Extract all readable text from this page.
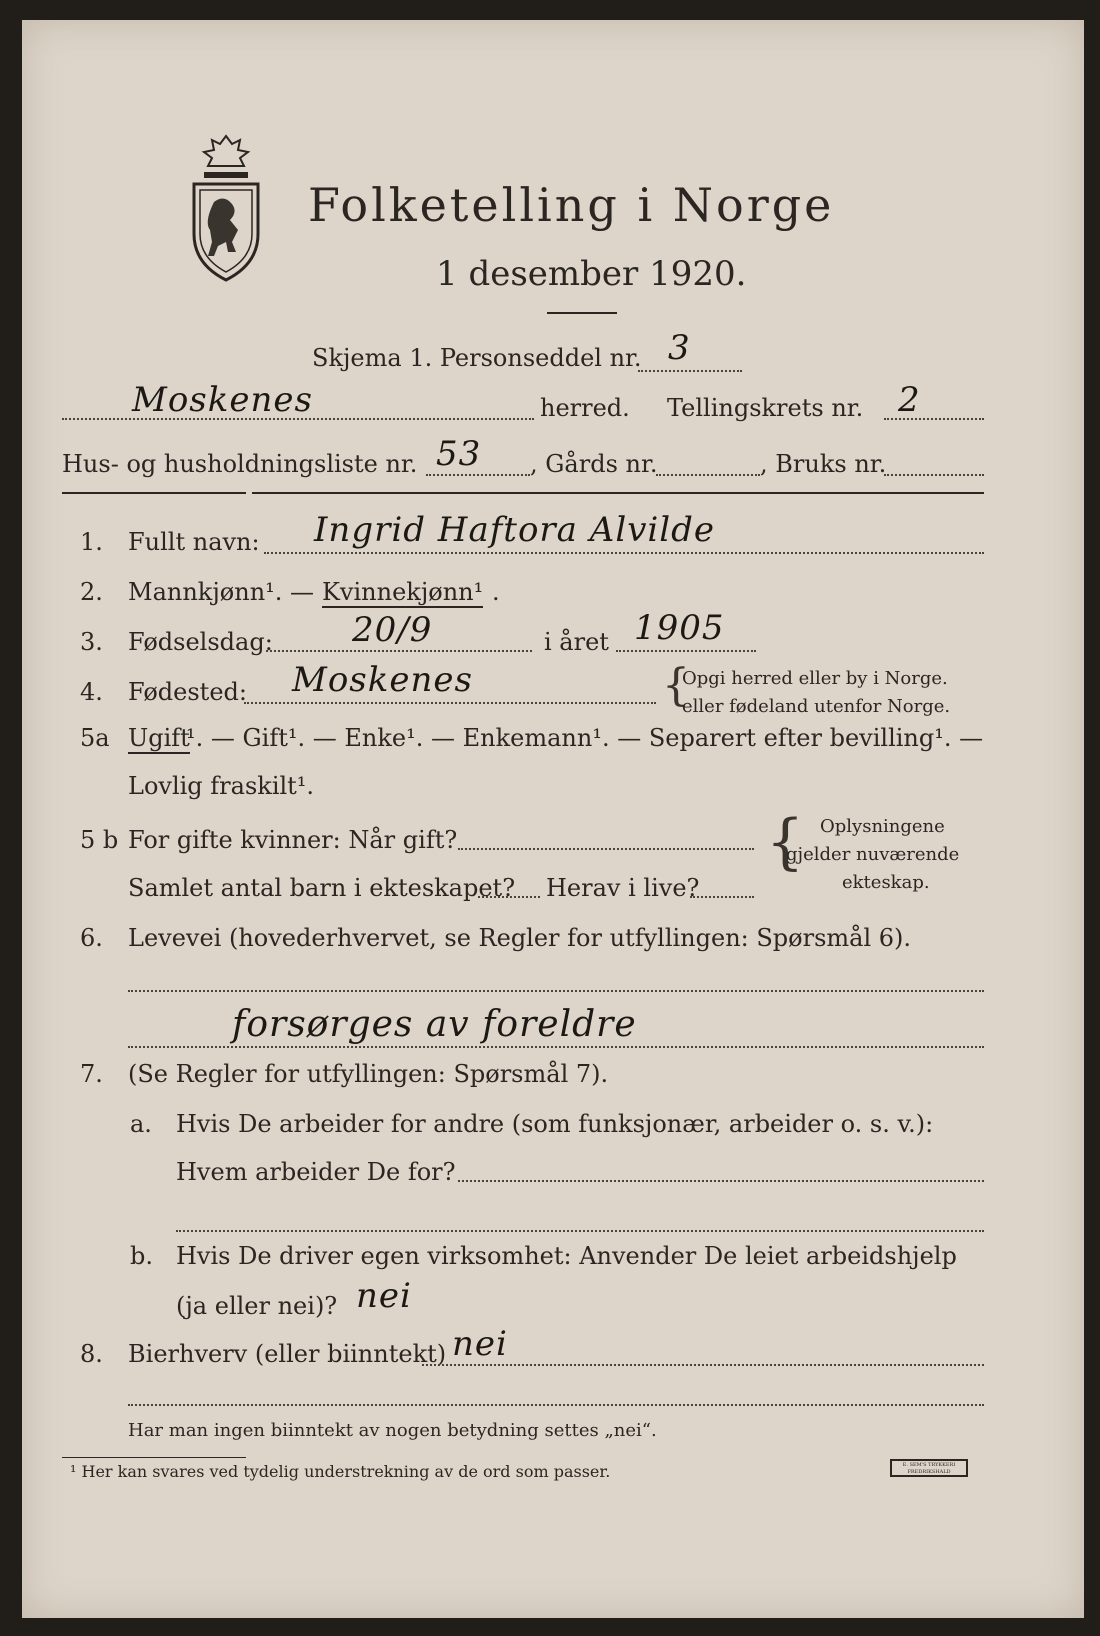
Folketelling i Norge
1 desember 1920.
Skjema 1. Personseddel nr. 3
Moskenes	herred. Tellingskrets nr. 2
Hus- og husholdningsliste nr. 53 , Gårds nr.	, Bruks nr.
1. Fullt navn: Ingrid Haftora Alvilde
2. Mannkjønn¹. — Kvinnekjønn¹ .
3. Fødselsdag: 20/9	i året 1905
4. Fødested: Moskenes	{
Opgi herred eller by i Norge.
eller fødeland utenfor Norge.
5a Ugift
¹. — Gift¹. — Enke¹. — Enkemann¹. — Separert efter bevilling¹. —
Lovlig fraskilt¹.
5 b For gifte kvinner: Når gift?
Samlet antal barn i ekteskapet? Herav i live?
{ Oplysningene
gjelder nuværende
ekteskap.
6. Levevei (hovederhvervet, se Regler for utfyllingen: Spørsmål 6).
forsørges av foreldre
7. (Se Regler for utfyllingen: Spørsmål 7).
a. Hvis De arbeider for andre (som funksjonær, arbeider o. s. v.):
Hvem arbeider De for?
b. Hvis De driver egen virksomhet: Anvender De leiet arbeidshjelp
(ja eller nei)? nei
8. Bierhverv (eller biinntekt) nei
Har man ingen biinntekt av nogen betydning settes „nei“.
¹ Her kan svares ved tydelig understrekning av de ord som passer.	E. SEM'S TRYKKERI FREDRIKSHALD
